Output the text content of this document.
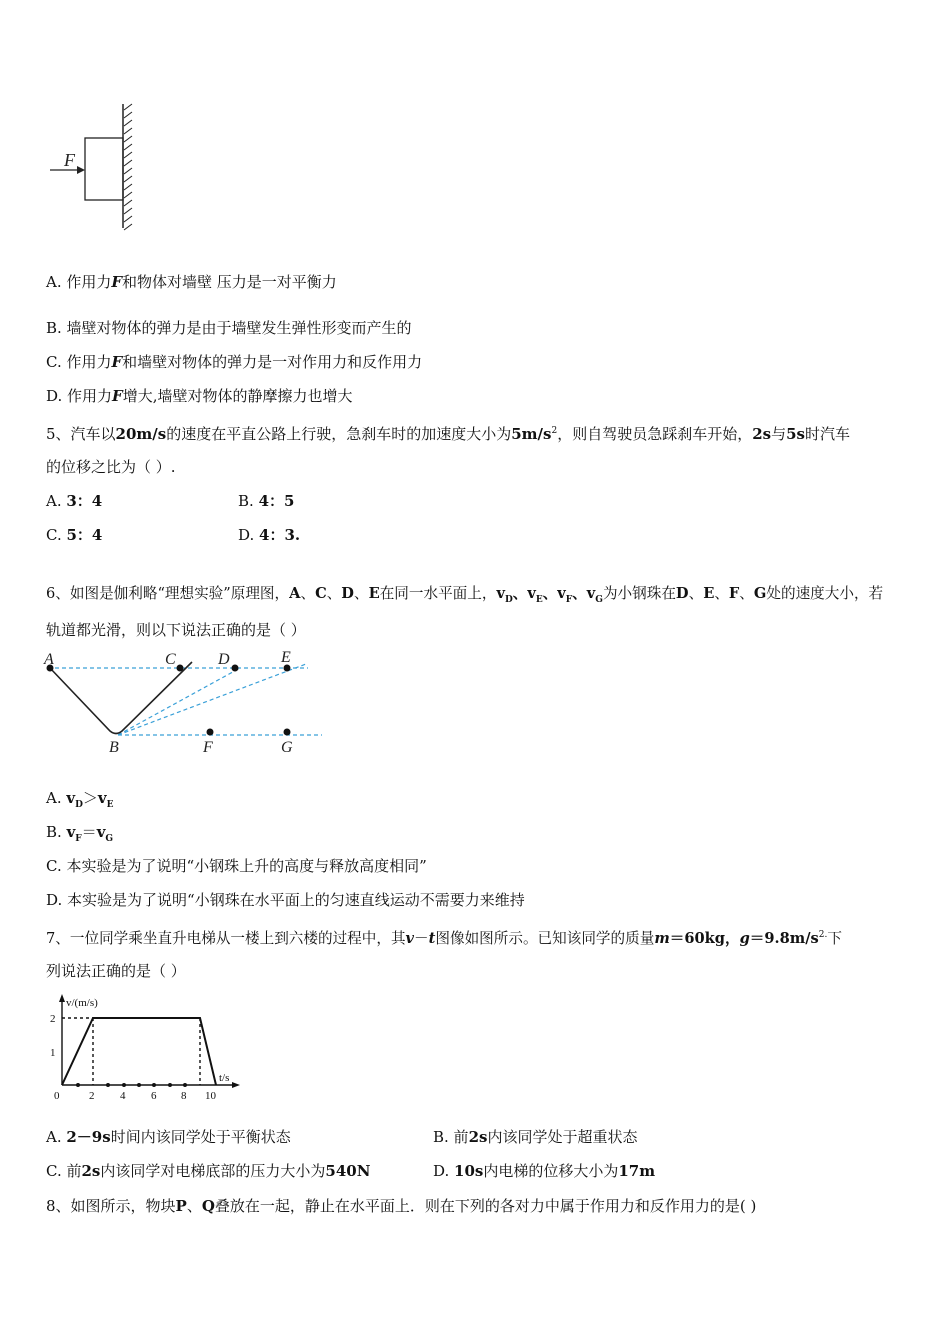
F
A. 作用力F和物体对墙壁 压力是一对平衡力
B. 墙壁对物体的弹力是由于墙壁发生弹性形变而产生的
C. 作用力F和墙壁对物体的弹力是一对作用力和反作用力
D. 作用力F增大,墙壁对物体的静摩擦力也增大
5、汽车以20m/s的速度在平直公路上行驶，急刹车时的加速度大小为$5m/s^2$，则自驾驶员急踩刹车开始，2s与5s时汽车
的位移之比为（ ）.
A. 3：4	B. 4：5
C. 5：4	D. 4：3.
6、如图是伽利略“理想实验”原理图，A、C、D、E在同一水平面上，$v_D$、$v_E$、$v_F$、$v_G$为小钢珠在D、E、F、G处的速度大小，若
轨道都光滑，则以下说法正确的是（ ）
A	C	D	E
B	F	G
A. $v_D>v_E$
B. $v_F=v_G$
C. 本实验是为了说明“小钢珠上升的高度与释放高度相同”
D. 本实验是为了说明“小钢珠在水平面上的匀速直线运动不需要力来维持
7、一位同学乘坐直升电梯从一楼上到六楼的过程中，其v－t图像如图所示。已知该同学的质量m＝60kg，$g=9.8m/s^{2.}$下
列说法正确的是（ ）
v/(m/s)
t/s
2
1
0	2 4 6 8 10
A. 2－9s时间内该同学处于平衡状态	B. 前2s内该同学处于超重状态
C. 前2s内该同学对电梯底部的压力大小为540N	D. 10s内电梯的位移大小为17m
8、如图所示，物块P、Q叠放在一起，静止在水平面上．则在下列的各对力中属于作用力和反作用力的是( )
